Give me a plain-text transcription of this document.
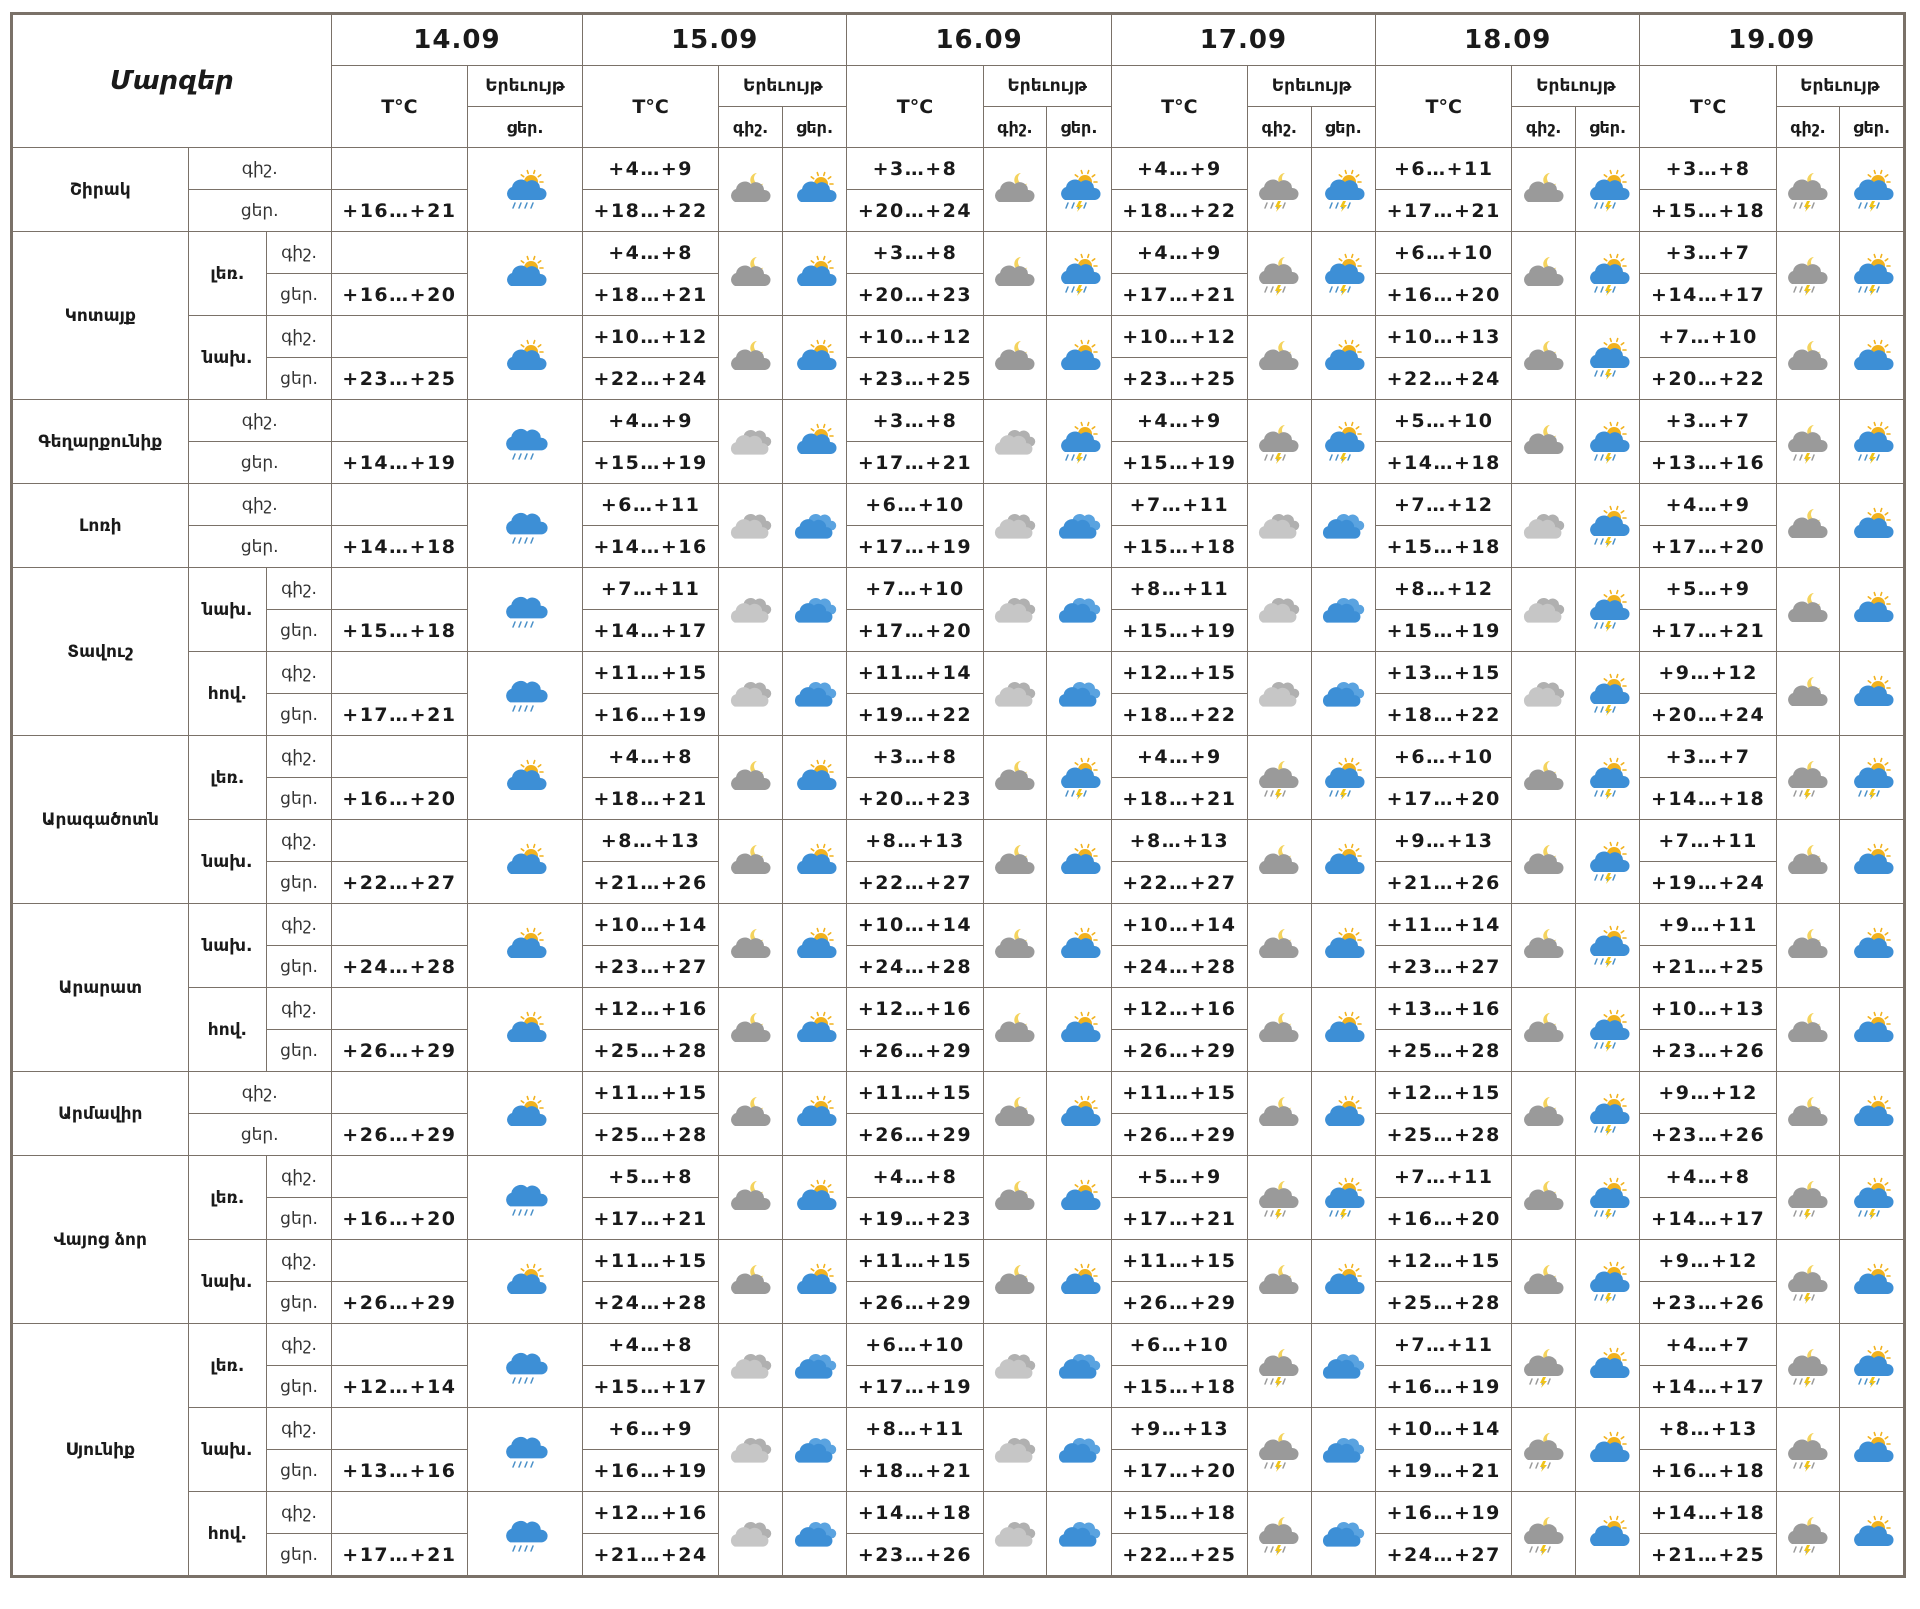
Մարզեր			14.09		15.09			16.09			17.09			18.09			19.09		
			T°C	Երեւույթ	T°C	Երեւույթ		T°C	Երեւույթ		T°C	Երեւույթ		T°C	Երեւույթ		T°C	Երեւույթ	
				ցեր.		գիշ.	ցեր.		գիշ.	ցեր.		գիշ.	ցեր.		գիշ.	ցեր.		գիշ.	ցեր.
Շիրակ	գիշ.				+4…+9			+3…+8			+4…+9			+6…+11			+3…+8	

	ցեր.		+16…+21		+18…+22			+20…+24			+18…+22			+17…+21			+15…+18		
Կոտայք	լեռ.	գիշ.			+4…+8			+3…+8			+4…+9			+6…+10			+3…+7	

		ցեր.	+16…+20		+18…+21			+20…+23			+17…+21			+16…+20			+14…+17		
	նախ.	գիշ.			+10…+12			+10…+12			+10…+12			+10…+13			+7…+10	

		ցեր.	+23…+25		+22…+24			+23…+25			+23…+25			+22…+24			+20…+22		
Գեղարքունիք	գիշ.				+4…+9			+3…+8			+4…+9			+5…+10			+3…+7	

	ցեր.		+14…+19		+15…+19			+17…+21			+15…+19			+14…+18			+13…+16		
Լոռի	գիշ.				+6…+11			+6…+10			+7…+11			+7…+12			+4…+9	

	ցեր.		+14…+18		+14…+16			+17…+19			+15…+18			+15…+18			+17…+20		
Տավուշ	նախ.	գիշ.			+7…+11			+7…+10			+8…+11			+8…+12			+5…+9	

		ցեր.	+15…+18		+14…+17			+17…+20			+15…+19			+15…+19			+17…+21		
	հով.	գիշ.			+11…+15			+11…+14			+12…+15			+13…+15			+9…+12	

		ցեր.	+17…+21		+16…+19			+19…+22			+18…+22			+18…+22			+20…+24		
Արագածոտն	լեռ.	գիշ.			+4…+8			+3…+8			+4…+9			+6…+10			+3…+7	

		ցեր.	+16…+20		+18…+21			+20…+23			+18…+21			+17…+20			+14…+18		
	նախ.	գիշ.			+8…+13			+8…+13			+8…+13			+9…+13			+7…+11	

		ցեր.	+22…+27		+21…+26			+22…+27			+22…+27			+21…+26			+19…+24		
Արարատ	նախ.	գիշ.			+10…+14			+10…+14			+10…+14			+11…+14			+9…+11	

		ցեր.	+24…+28		+23…+27			+24…+28			+24…+28			+23…+27			+21…+25		
	հով.	գիշ.			+12…+16			+12…+16			+12…+16			+13…+16			+10…+13	

		ցեր.	+26…+29		+25…+28			+26…+29			+26…+29			+25…+28			+23…+26		
Արմավիր	գիշ.				+11…+15			+11…+15			+11…+15			+12…+15			+9…+12	

	ցեր.		+26…+29		+25…+28			+26…+29			+26…+29			+25…+28			+23…+26		
Վայոց ձոր	լեռ.	գիշ.			+5…+8			+4…+8			+5…+9			+7…+11			+4…+8	

		ցեր.	+16…+20		+17…+21			+19…+23			+17…+21			+16…+20			+14…+17		
	նախ.	գիշ.			+11…+15			+11…+15			+11…+15			+12…+15			+9…+12	

		ցեր.	+26…+29		+24…+28			+26…+29			+26…+29			+25…+28			+23…+26		
Սյունիք	լեռ.	գիշ.			+4…+8			+6…+10			+6…+10			+7…+11			+4…+7	

		ցեր.	+12…+14		+15…+17			+17…+19			+15…+18			+16…+19			+14…+17		
	նախ.	գիշ.			+6…+9			+8…+11			+9…+13			+10…+14			+8…+13	

		ցեր.	+13…+16		+16…+19			+18…+21			+17…+20			+19…+21			+16…+18		
	հով.	գիշ.			+12…+16			+14…+18			+15…+18			+16…+19			+14…+18	

		ցեր.	+17…+21		+21…+24			+23…+26			+22…+25			+24…+27			+21…+25		
